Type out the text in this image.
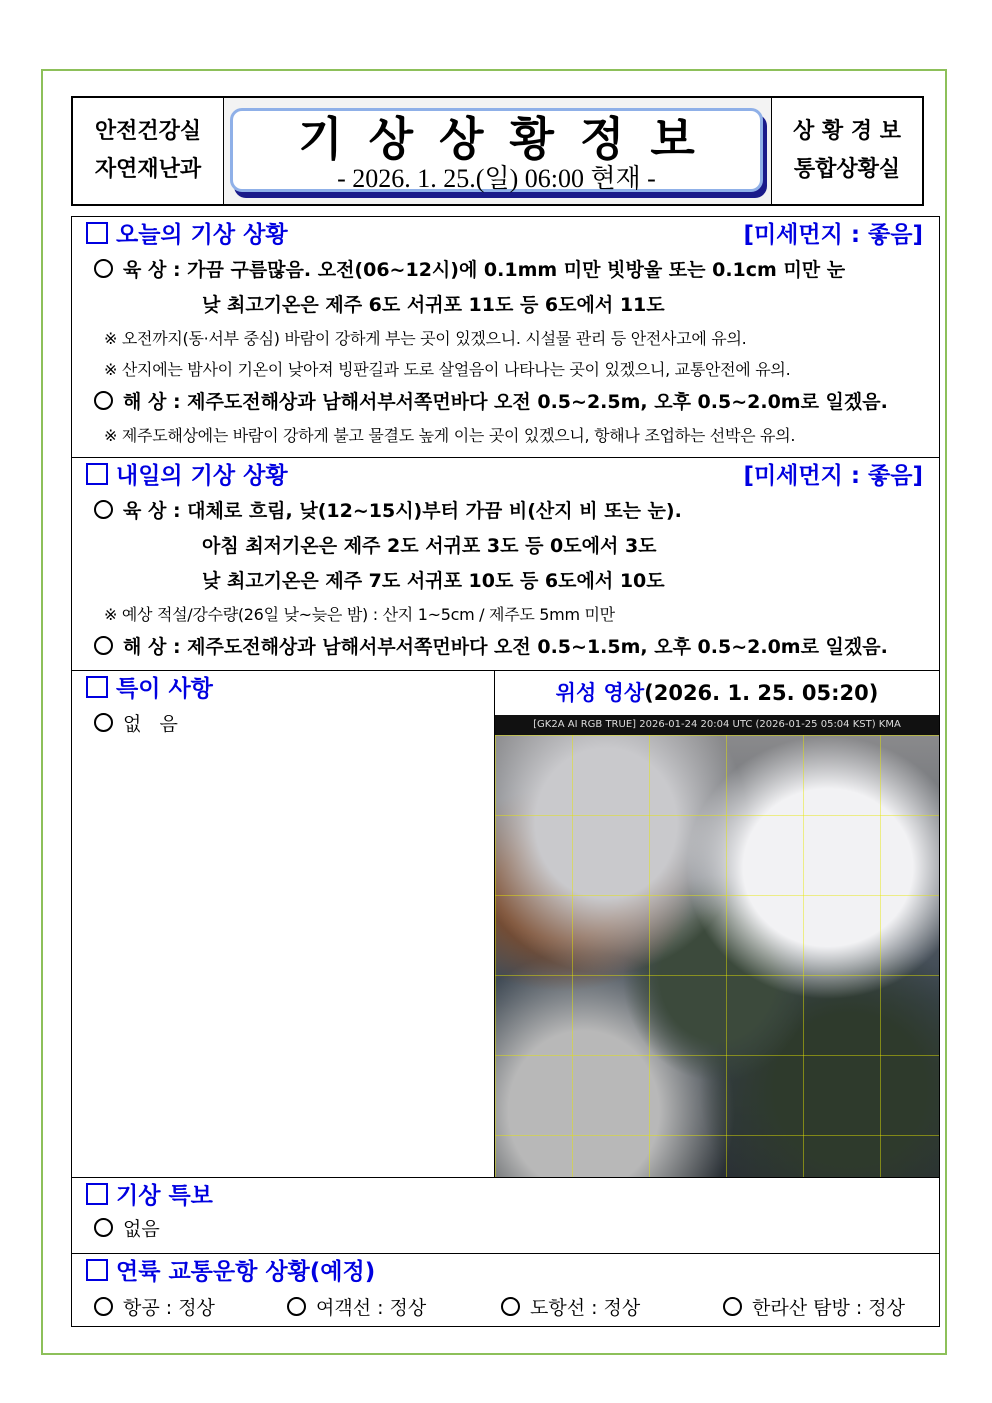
안전건강실
자연재난과
기상상황정보
- 2026. 1. 25.(일) 06:00 현재 -
상 황 경 보
통합상황실
오늘의 기상 상황	[미세먼지 : 좋음]
육 상 : 가끔 구름많음. 오전(06~12시)에 0.1mm 미만 빗방울 또는 0.1cm 미만 눈
낮 최고기온은 제주 6도 서귀포 11도 등 6도에서 11도
※ 오전까지(동·서부 중심) 바람이 강하게 부는 곳이 있겠으니. 시설물 관리 등 안전사고에 유의.
※ 산지에는 밤사이 기온이 낮아져 빙판길과 도로 살얼음이 나타나는 곳이 있겠으니, 교통안전에 유의.
해 상 : 제주도전해상과 남해서부서쪽먼바다 오전 0.5~2.5m, 오후 0.5~2.0m로 일겠음.
※ 제주도해상에는 바람이 강하게 불고 물결도 높게 이는 곳이 있겠으니, 항해나 조업하는 선박은 유의.
내일의 기상 상황	[미세먼지 : 좋음]
육 상 : 대체로 흐림, 낮(12~15시)부터 가끔 비(산지 비 또는 눈).
아침 최저기온은 제주 2도 서귀포 3도 등 0도에서 3도
낮 최고기온은 제주 7도 서귀포 10도 등 6도에서 10도
※ 예상 적설/강수량(26일 낮~늦은 밤) : 산지 1~5cm / 제주도 5mm 미만
해 상 : 제주도전해상과 남해서부서쪽먼바다 오전 0.5~1.5m, 오후 0.5~2.0m로 일겠음.
특이 사항
없   음
위성 영상(2026. 1. 25. 05:20)
[GK2A AI RGB TRUE] 2026-01-24 20:04 UTC (2026-01-25 05:04 KST) KMA
기상 특보
없음
연륙 교통운항 상황(예정)
항공 : 정상	여객선 : 정상	도항선 : 정상	한라산 탐방 : 정상
